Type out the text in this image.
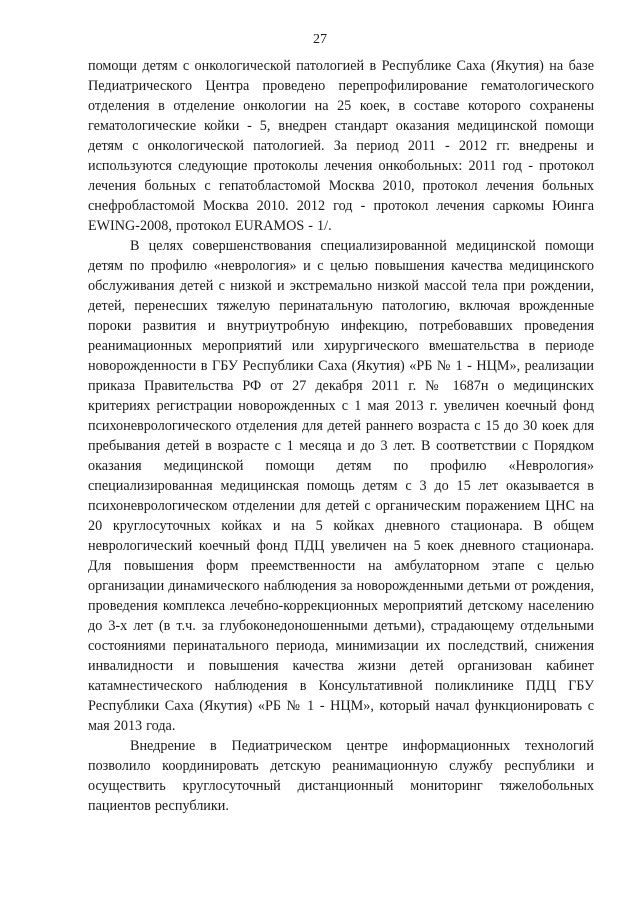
27

помощи детям с онкологической патологией в Республике Саха (Якутия) на базе Педиатрического Центра проведено перепрофилирование гематологического отделения в отделение онкологии на 25 коек, в составе которого сохранены гематологические койки - 5, внедрен стандарт оказания медицинской помощи детям с онкологической патологией. За период 2011 - 2012 гг. внедрены и используются следующие протоколы лечения онкобольных: 2011 год - протокол лечения больных с гепатобластомой Москва 2010, протокол лечения больных снефробластомой Москва 2010. 2012 год - протокол лечения саркомы Юинга EWING-2008, протокол EURAMOS - 1/.

В целях совершенствования специализированной медицинской помощи детям по профилю «неврология» и с целью повышения качества медицинского обслуживания детей с низкой и экстремально низкой массой тела при рождении, детей, перенесших тяжелую перинатальную патологию, включая врожденные пороки развития и внутриутробную инфекцию, потребовавших проведения реанимационных мероприятий или хирургического вмешательства в периоде новорожденности в ГБУ Республики Саха (Якутия) «РБ № 1 - НЦМ», реализации приказа Правительства РФ от 27 декабря 2011 г. № 1687н о медицинских критериях регистрации новорожденных с 1 мая 2013 г. увеличен коечный фонд психоневрологического отделения для детей раннего возраста с 15 до 30 коек для пребывания детей в возрасте с 1 месяца и до 3 лет. В соответствии с Порядком оказания медицинской помощи детям по профилю «Неврология» специализированная медицинская помощь детям с 3 до 15 лет оказывается в психоневрологическом отделении для детей с органическим поражением ЦНС на 20 круглосуточных койках и на 5 койках дневного стационара. В общем неврологический коечный фонд ПДЦ увеличен на 5 коек дневного стационара. Для повышения форм преемственности на амбулаторном этапе с целью организации динамического наблюдения за новорожденными детьми от рождения, проведения комплекса лечебно-коррекционных мероприятий детскому населению до 3-х лет (в т.ч. за глубоконедоношенными детьми), страдающему отдельными состояниями перинатального периода, минимизации их последствий, снижения инвалидности и повышения качества жизни детей организован кабинет катамнестического наблюдения в Консультативной поликлинике ПДЦ ГБУ Республики Саха (Якутия) «РБ № 1 - НЦМ», который начал функционировать с мая 2013 года.

Внедрение в Педиатрическом центре информационных технологий позволило координировать детскую реанимационную службу республики и осуществить круглосуточный дистанционный мониторинг тяжелобольных пациентов республики.
